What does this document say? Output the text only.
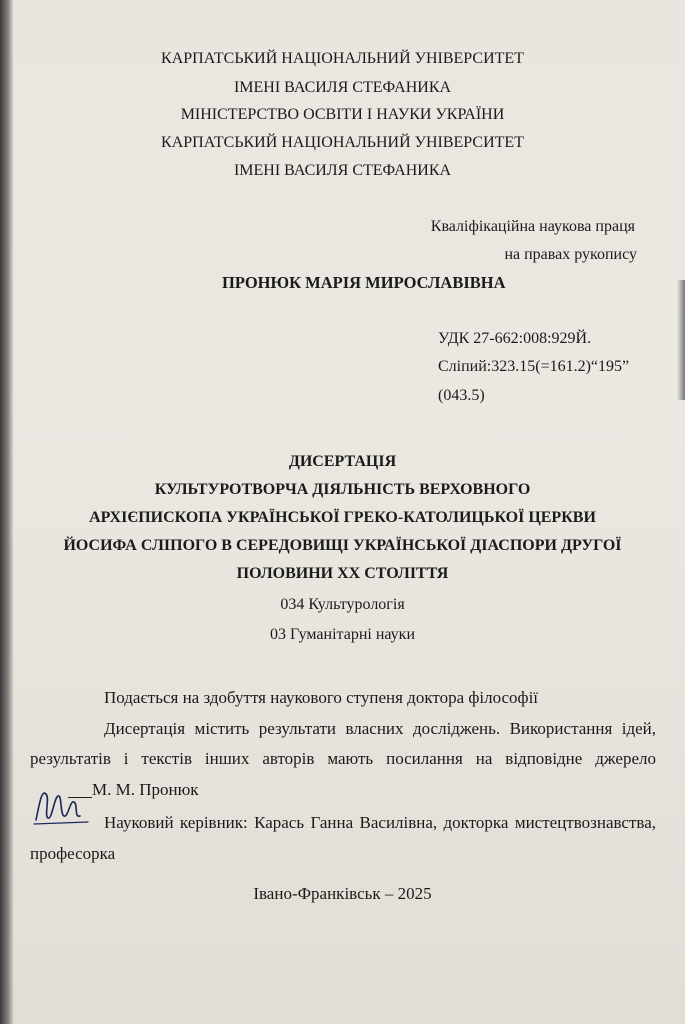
КАРПАТСЬКИЙ НАЦІОНАЛЬНИЙ УНІВЕРСИТЕТ
ІМЕНІ ВАСИЛЯ СТЕФАНИКА
МІНІСТЕРСТВО ОСВІТИ І НАУКИ УКРАЇНИ
КАРПАТСЬКИЙ НАЦІОНАЛЬНИЙ УНІВЕРСИТЕТ
ІМЕНІ ВАСИЛЯ СТЕФАНИКА
Кваліфікаційна наукова праця
на правах рукопису
ПРОНЮК МАРІЯ МИРОСЛАВІВНА
УДК 27-662:008:929Й.
Сліпий:323.15(=161.2)“195”
(043.5)
ДИСЕРТАЦІЯ
КУЛЬТУРОТВОРЧА ДІЯЛЬНІСТЬ ВЕРХОВНОГО
АРХІЄПИСКОПА УКРАЇНСЬКОЇ ГРЕКО-КАТОЛИЦЬКОЇ ЦЕРКВИ
ЙОСИФА СЛІПОГО В СЕРЕДОВИЩІ УКРАЇНСЬКОЇ ДІАСПОРИ ДРУГОЇ
ПОЛОВИНИ ХХ СТОЛІТТЯ
034 Культурологія
03 Гуманітарні науки
Подається на здобуття наукового ступеня доктора філософії
Дисертація містить результати власних досліджень. Використання ідей,
результатів і текстів інших авторів мають посилання на відповідне джерело
М. М. Пронюк
Науковий керівник: Карась Ганна Василівна, докторка мистецтвознавства,
професорка
Івано-Франківськ – 2025
